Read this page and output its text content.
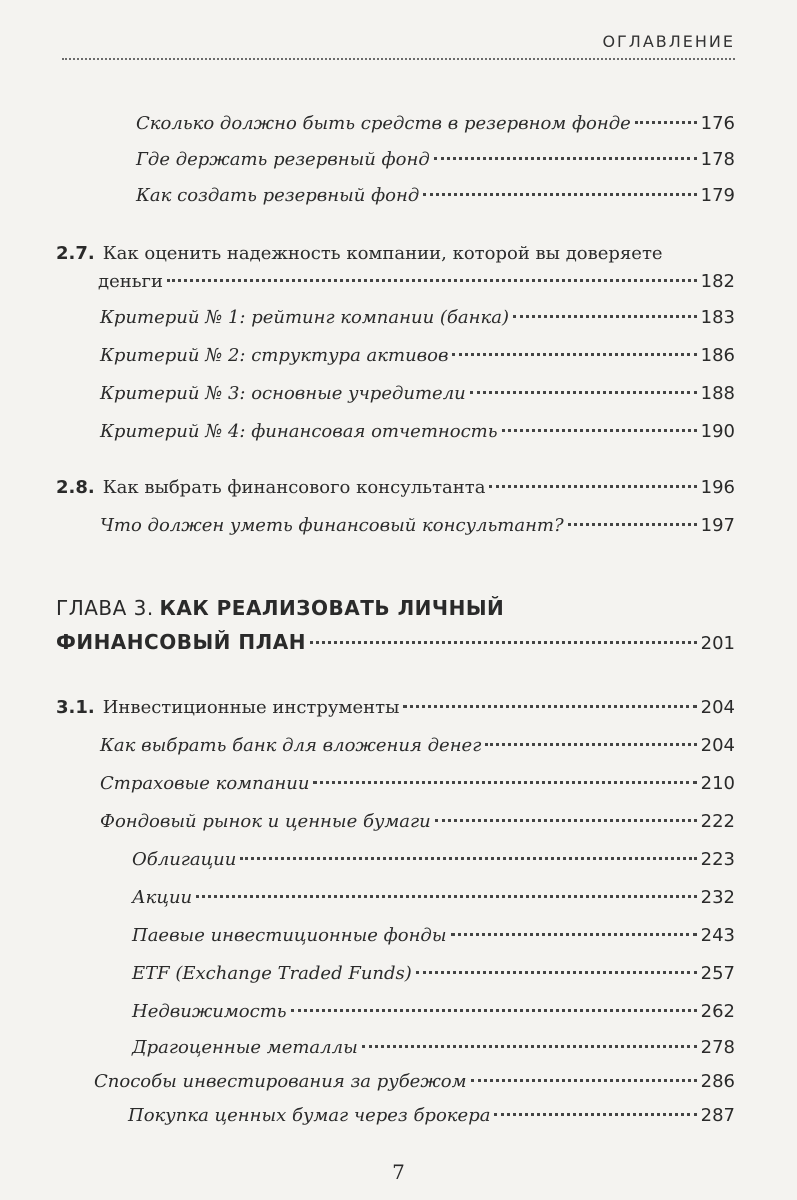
ОГЛАВЛЕНИЕ
Сколько должно быть средств в резервном фонде	176
Где держать резервный фонд	178
Как создать резервный фонд	179
2.7. Как оценить надежность компании, которой вы доверяете
деньги	182
Критерий № 1: рейтинг компании (банка)	183
Критерий № 2: структура активов	186
Критерий № 3: основные учредители	188
Критерий № 4: финансовая отчетность	190
2.8. Как выбрать финансового консультанта	196
Что должен уметь финансовый консультант?	197
ГЛАВА 3. КАК РЕАЛИЗОВАТЬ ЛИЧНЫЙ
ФИНАНСОВЫЙ ПЛАН	201
3.1. Инвестиционные инструменты	204
Как выбрать банк для вложения денег	204
Страховые компании	210
Фондовый рынок и ценные бумаги	222
Облигации	223
Акции	232
Паевые инвестиционные фонды	243
ETF (Exchange Traded Funds)	257
Недвижимость	262
Драгоценные металлы	278
Способы инвестирования за рубежом	286
Покупка ценных бумаг через брокера	287
7
